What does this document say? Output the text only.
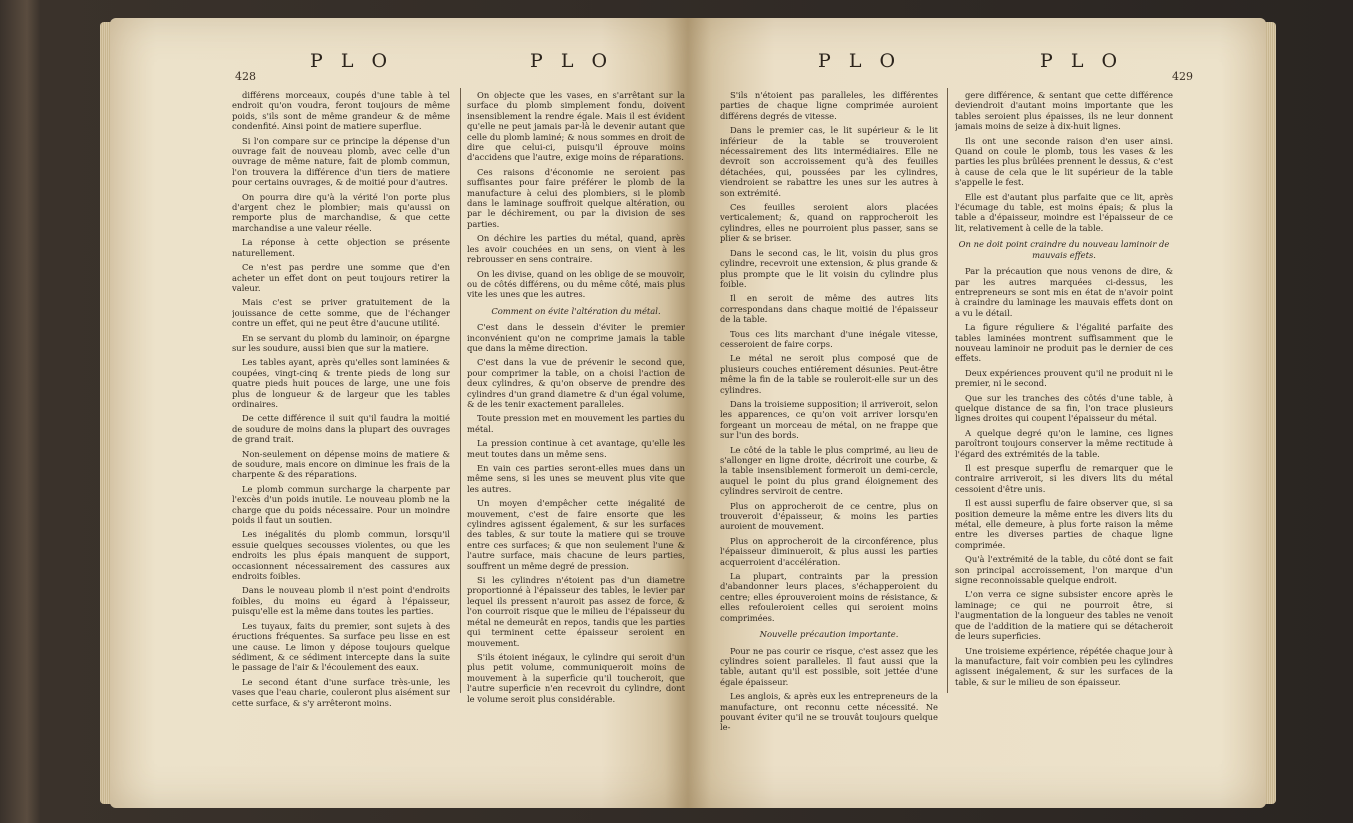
428
P L O	P L O	P L O	P L O
429

différens morceaux, coupés d'une table à tel endroit qu'on voudra, feront toujours de même poids, s'ils sont de même grandeur & de même condenfité. Ainsi point de matiere superflue.

Si l'on compare sur ce principe la dépense d'un ouvrage fait de nouveau plomb, avec celle d'un ouvrage de même nature, fait de plomb commun, l'on trouvera la différence d'un tiers de matiere pour certains ouvrages, & de moitié pour d'autres.

On pourra dire qu'à la vérité l'on porte plus d'argent chez le plombier; mais qu'aussi on remporte plus de marchandise, & que cette marchandise a une valeur réelle.

La réponse à cette objection se présente naturellement.

Ce n'est pas perdre une somme que d'en acheter un effet dont on peut toujours retirer la valeur.

Mais c'est se priver gratuitement de la jouissance de cette somme, que de l'échanger contre un effet, qui ne peut être d'aucune utilité.

En se servant du plomb du laminoir, on épargne sur les soudure, aussi bien que sur la matiere.

Les tables ayant, après qu'elles sont laminées & coupées, vingt-cinq & trente pieds de long sur quatre pieds huit pouces de large, une une fois plus de longueur & de largeur que les tables ordinaires.

De cette différence il suit qu'il faudra la moitié de soudure de moins dans la plupart des ouvrages de grand trait.

Non-seulement on dépense moins de matiere & de soudure, mais encore on diminue les frais de la charpente & des réparations.

Le plomb commun surcharge la charpente par l'excès d'un poids inutile. Le nouveau plomb ne la charge que du poids nécessaire. Pour un moindre poids il faut un soutien.

Les inégalités du plomb commun, lorsqu'il essuie quelques secousses violentes, ou que les endroits les plus épais manquent de support, occasionnent nécessairement des cassures aux endroits foibles.

Dans le nouveau plomb il n'est point d'endroits foibles, du moins eu égard à l'épaisseur, puisqu'elle est la même dans toutes les parties.

Les tuyaux, faits du premier, sont sujets à des éructions fréquentes. Sa surface peu lisse en est une cause. Le limon y dépose toujours quelque sédiment, & ce sédiment intercepte dans la suite le passage de l'air & l'écoulement des eaux.

Le second étant d'une surface très-unie, les vases que l'eau charie, couleront plus aisément sur cette surface, & s'y arrêteront moins.

On objecte que les vases, en s'arrêtant sur la surface du plomb simplement fondu, doivent insensiblement la rendre égale. Mais il est évident qu'elle ne peut jamais par-là le devenir autant que celle du plomb laminé; & nous sommes en droit de dire que celui-ci, puisqu'il éprouve moins d'accidens que l'autre, exige moins de réparations.

Ces raisons d'économie ne seroient pas suffisantes pour faire préférer le plomb de la manufacture à celui des plombiers, si le plomb dans le laminage souffroit quelque altération, ou par le déchirement, ou par la division de ses parties.

On déchire les parties du métal, quand, après les avoir couchées en un sens, on vient à les rebrousser en sens contraire.

On les divise, quand on les oblige de se mouvoir, ou de côtés différens, ou du même côté, mais plus vite les unes que les autres.

Comment on évite l'altération du métal.

C'est dans le dessein d'éviter le premier inconvénient qu'on ne comprime jamais la table que dans la même direction.

C'est dans la vue de prévenir le second que, pour comprimer la table, on a choisi l'action de deux cylindres, & qu'on observe de prendre des cylindres d'un grand diametre & d'un égal volume, & de les tenir exactement paralleles.

Toute pression met en mouvement les parties du métal.

La pression continue à cet avantage, qu'elle les meut toutes dans un même sens.

En vain ces parties seront-elles mues dans un même sens, si les unes se meuvent plus vite que les autres.

Un moyen d'empêcher cette inégalité de mouvement, c'est de faire ensorte que les cylindres agissent également, & sur les surfaces des tables, & sur toute la matiere qui se trouve entre ces surfaces; & que non seulement l'une & l'autre surface, mais chacune de leurs parties, souffrent un même degré de pression.

Si les cylindres n'étoient pas d'un diametre proportionné à l'épaisseur des tables, le levier par lequel ils pressent n'auroit pas assez de force, & l'on courroit risque que le milieu de l'épaisseur du métal ne demeurât en repos, tandis que les parties qui terminent cette épaisseur seroient en mouvement.

S'ils étoient inégaux, le cylindre qui seroit d'un plus petit volume, communiqueroit moins de mouvement à la superficie qu'il toucheroit, que l'autre superficie n'en recevroit du cylindre, dont le volume seroit plus considérable.

S'ils n'étoient pas paralleles, les différentes parties de chaque ligne comprimée auroient différens degrés de vitesse.

Dans le premier cas, le lit supérieur & le lit inférieur de la table se trouveroient nécessairement des lits intermédiaires. Elle ne devroit son accroissement qu'à des feuilles détachées, qui, poussées par les cylindres, viendroient se rabattre les unes sur les autres à son extrémité.

Ces feuilles seroient alors placées verticalement; &, quand on rapprocheroit les cylindres, elles ne pourroient plus passer, sans se plier & se briser.

Dans le second cas, le lit, voisin du plus gros cylindre, recevroit une extension, & plus grande & plus prompte que le lit voisin du cylindre plus foible.

Il en seroit de même des autres lits correspondans dans chaque moitié de l'épaisseur de la table.

Tous ces lits marchant d'une inégale vitesse, cesseroient de faire corps.

Le métal ne seroit plus composé que de plusieurs couches entiérement désunies. Peut-être même la fin de la table se rouleroit-elle sur un des cylindres.

Dans la troisieme supposition; il arriveroit, selon les apparences, ce qu'on voit arriver lorsqu'en forgeant un morceau de métal, on ne frappe que sur l'un des bords.

Le côté de la table le plus comprimé, au lieu de s'allonger en ligne droite, décriroit une courbe, & la table insensiblement formeroit un demi-cercle, auquel le point du plus grand éloignement des cylindres serviroit de centre.

Plus on approcheroit de ce centre, plus on trouveroit d'épaisseur, & moins les parties auroient de mouvement.

Plus on approcheroit de la circonférence, plus l'épaisseur diminueroit, & plus aussi les parties acquerroient d'accélération.

La plupart, contraints par la pression d'abandonner leurs places, s'échapperoient du centre; elles éprouveroient moins de résistance, & elles refouleroient celles qui seroient moins comprimées.

Nouvelle précaution importante.

Pour ne pas courir ce risque, c'est assez que les cylindres soient paralleles. Il faut aussi que la table, autant qu'il est possible, soit jettée d'une égale épaisseur.

Les anglois, & après eux les entrepreneurs de la manufacture, ont reconnu cette nécessité. Ne pouvant éviter qu'il ne se trouvât toujours quelque le-

gere différence, & sentant que cette différence deviendroit d'autant moins importante que les tables seroient plus épaisses, ils ne leur donnent jamais moins de seize à dix-huit lignes.

Ils ont une seconde raison d'en user ainsi. Quand on coule le plomb, tous les vases & les parties les plus brûlées prennent le dessus, & c'est à cause de cela que le lit supérieur de la table s'appelle le fest.

Elle est d'autant plus parfaite que ce lit, après l'écumage du table, est moins épais; & plus la table a d'épaisseur, moindre est l'épaisseur de ce lit, relativement à celle de la table.

On ne doit point craindre du nouveau laminoir de mauvais effets.

Par la précaution que nous venons de dire, & par les autres marquées ci-dessus, les entrepreneurs se sont mis en état de n'avoir point à craindre du laminage les mauvais effets dont on a vu le détail.

La figure réguliere & l'égalité parfaite des tables laminées montrent suffisamment que le nouveau laminoir ne produit pas le dernier de ces effets.

Deux expériences prouvent qu'il ne produit ni le premier, ni le second.

Que sur les tranches des côtés d'une table, à quelque distance de sa fin, l'on trace plusieurs lignes droites qui coupent l'épaisseur du métal.

A quelque degré qu'on le lamine, ces lignes paroîtront toujours conserver la même rectitude à l'égard des extrémités de la table.

Il est presque superflu de remarquer que le contraire arriveroit, si les divers lits du métal cessoient d'être unis.

Il est aussi superflu de faire observer que, si sa position demeure la même entre les divers lits du métal, elle demeure, à plus forte raison la même entre les diverses parties de chaque ligne comprimée.

Qu'à l'extrémité de la table, du côté dont se fait son principal accroissement, l'on marque d'un signe reconnoissable quelque endroit.

L'on verra ce signe subsister encore après le laminage; ce qui ne pourroit être, si l'augmentation de la longueur des tables ne venoit que de l'addition de la matiere qui se détacheroit de leurs superficies.

Une troisieme expérience, répétée chaque jour à la manufacture, fait voir combien peu les cylindres agissent inégalement, & sur les surfaces de la table, & sur le milieu de son épaisseur.
